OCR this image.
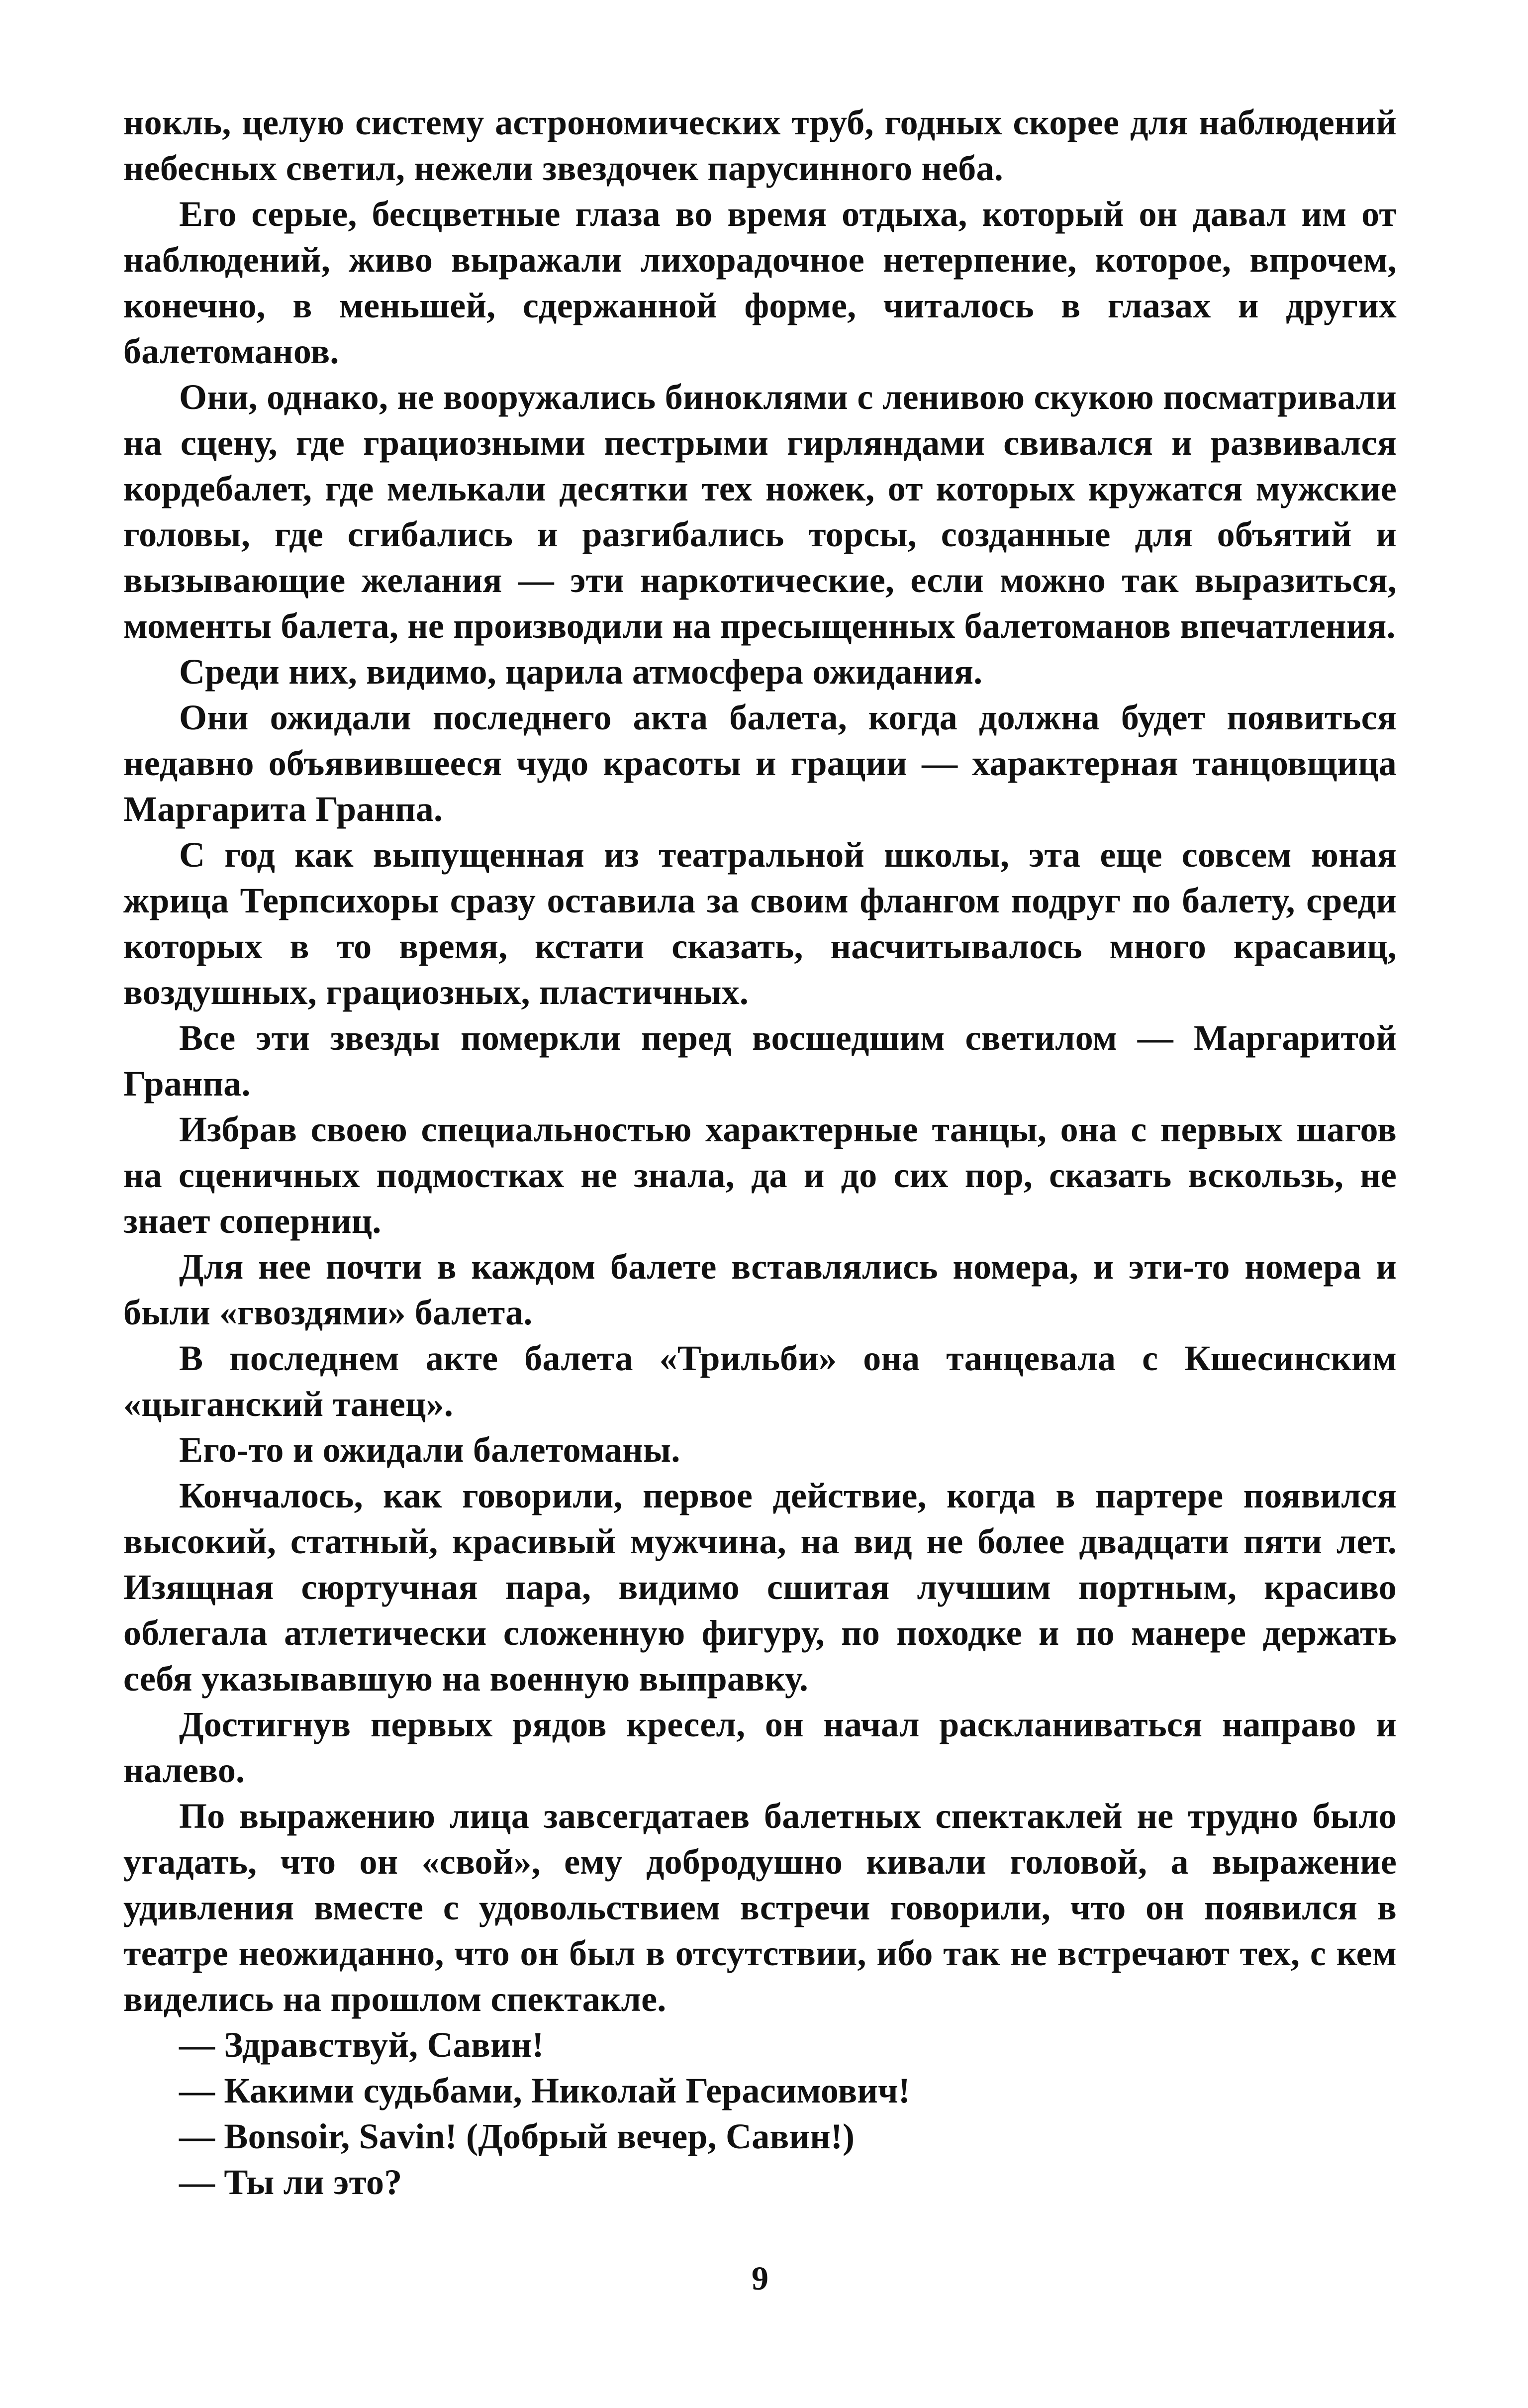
нокль, целую систему астрономических труб, годных скорее для наблюдений небесных светил, нежели звездочек парусинного неба.

Его серые, бесцветные глаза во время отдыха, который он давал им от наблюдений, живо выражали лихорадочное нетерпение, которое, впрочем, конечно, в меньшей, сдержанной форме, читалось в глазах и других балетоманов.

Они, однако, не вооружались биноклями с ленивою скукою посматривали на сцену, где грациозными пестрыми гирляндами свивался и развивался кордебалет, где мелькали десятки тех ножек, от которых кружатся мужские головы, где сгибались и разгибались торсы, созданные для объятий и вызывающие желания — эти наркотические, если можно так выразиться, моменты балета, не производили на пресыщенных балетоманов впечатления.

Среди них, видимо, царила атмосфера ожидания.

Они ожидали последнего акта балета, когда должна будет появиться недавно объявившееся чудо красоты и грации — характерная танцовщица Маргарита Гранпа.

С год как выпущенная из театральной школы, эта еще совсем юная жрица Терпсихоры сразу оставила за своим флангом подруг по балету, среди которых в то время, кстати сказать, насчитывалось много красавиц, воздушных, грациозных, пластичных.

Все эти звезды померкли перед восшедшим светилом — Маргаритой Гранпа.

Избрав своею специальностью характерные танцы, она с первых шагов на сценичных подмостках не знала, да и до сих пор, сказать вскользь, не знает соперниц.

Для нее почти в каждом балете вставлялись номера, и эти-то номера и были «гвоздями» балета.

В последнем акте балета «Трильби» она танцевала с Кшесинским «цыганский танец».

Его-то и ожидали балетоманы.

Кончалось, как говорили, первое действие, когда в партере появился высокий, статный, красивый мужчина, на вид не более двадцати пяти лет. Изящная сюртучная пара, видимо сшитая лучшим портным, красиво облегала атлетически сложенную фигуру, по походке и по манере держать себя указывавшую на военную выправку.

Достигнув первых рядов кресел, он начал раскланиваться направо и налево.

По выражению лица завсегдатаев балетных спектаклей не трудно было угадать, что он «свой», ему добродушно кивали головой, а выражение удивления вместе с удовольствием встречи говорили, что он появился в театре неожиданно, что он был в отсутствии, ибо так не встречают тех, с кем виделись на прошлом спектакле.

— Здравствуй, Савин!

— Какими судьбами, Николай Герасимович!

— Bonsoir, Savin! (Добрый вечер, Савин!)

— Ты ли это?

9
